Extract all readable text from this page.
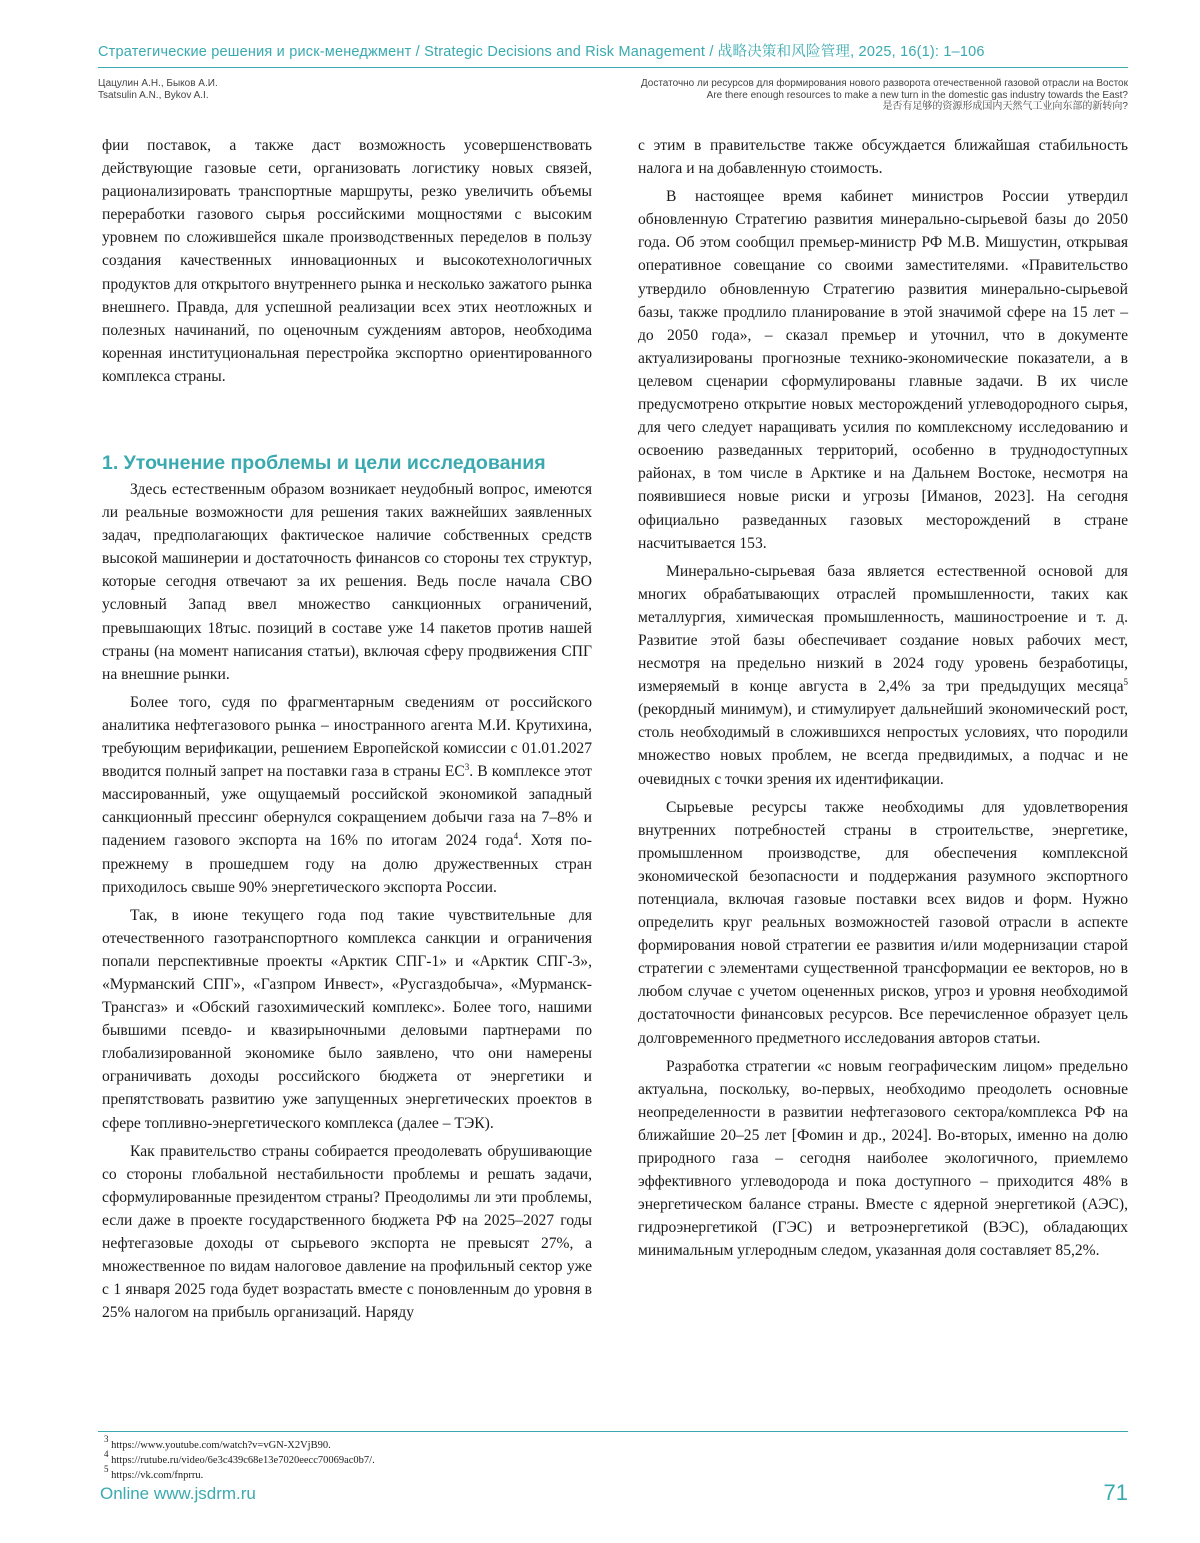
Стратегические решения и риск-менеджмент / Strategic Decisions and Risk Management / 战略决策和风险管理, 2025, 16(1): 1–106
Цацулин А.Н., Быков А.И.
Tsatsulin A.N., Bykov A.I.
Достаточно ли ресурсов для формирования нового разворота отечественной газовой отрасли на Восток
Are there enough resources to make a new turn in the domestic gas industry towards the East?
是否有足够的资源形成国内天然气工业向东部的新转向?

фии поставок, а также даст возможность усовершенствовать действующие газовые сети, организовать логистику новых связей, рационализировать транспортные маршруты, резко увеличить объемы переработки газового сырья российскими мощностями с высоким уровнем по сложившейся шкале производственных переделов в пользу создания качественных инновационных и высокотехнологичных продуктов для открытого внутреннего рынка и несколько зажатого рынка внешнего. Правда, для успешной реализации всех этих неотложных и полезных начинаний, по оценочным суждениям авторов, необходима коренная институциональная перестройка экспортно ориентированного комплекса страны.

1. Уточнение проблемы и цели исследования

Здесь естественным образом возникает неудобный вопрос, имеются ли реальные возможности для решения таких важнейших заявленных задач, предполагающих фактическое наличие собственных средств высокой машинерии и достаточность финансов со стороны тех структур, которые сегодня отвечают за их решения. Ведь после начала СВО условный Запад ввел множество санкционных ограничений, превышающих 18тыс. позиций в составе уже 14 пакетов против нашей страны (на момент написания статьи), включая сферу продвижения СПГ на внешние рынки.

Более того, судя по фрагментарным сведениям от российского аналитика нефтегазового рынка – иностранного агента М.И. Крутихина, требующим верификации, решением Европейской комиссии с 01.01.2027 вводится полный запрет на поставки газа в страны $ЕС^3$. В комплексе этот массированный, уже ощущаемый российской экономикой западный санкционный прессинг обернулся сокращением добычи газа на 7–8% и падением газового экспорта на 16% по итогам 2024 года$^4$. Хотя по-прежнему в прошедшем году на долю дружественных стран приходилось свыше 90% энергетического экспорта России.

Так, в июне текущего года под такие чувствительные для отечественного газотранспортного комплекса санкции и ограничения попали перспективные проекты «Арктик СПГ-1» и «Арктик СПГ-3», «Мурманский СПГ», «Газпром Инвест», «Русгаздобыча», «Мурманск-Трансгаз» и «Обский газохимический комплекс». Более того, нашими бывшими псевдо- и квазирыночными деловыми партнерами по глобализированной экономике было заявлено, что они намерены ограничивать доходы российского бюджета от энергетики и препятствовать развитию уже запущенных энергетических проектов в сфере топливно-энергетического комплекса (далее – ТЭК).

Как правительство страны собирается преодолевать обрушивающие со стороны глобальной нестабильности проблемы и решать задачи, сформулированные президентом страны? Преодолимы ли эти проблемы, если даже в проекте государственного бюджета РФ на 2025–2027 годы нефтегазовые доходы от сырьевого экспорта не превысят 27%, а множественное по видам налоговое давление на профильный сектор уже с 1 января 2025 года будет возрастать вместе с поновленным до уровня в 25% налогом на прибыль организаций. Наряду

с этим в правительстве также обсуждается ближайшая стабильность налога и на добавленную стоимость.

В настоящее время кабинет министров России утвердил обновленную Стратегию развития минерально-сырьевой базы до 2050 года. Об этом сообщил премьер-министр РФ М.В. Мишустин, открывая оперативное совещание со своими заместителями. «Правительство утвердило обновленную Стратегию развития минерально-сырьевой базы, также продлило планирование в этой значимой сфере на 15 лет – до 2050 года», – сказал премьер и уточнил, что в документе актуализированы прогнозные технико-экономические показатели, а в целевом сценарии сформулированы главные задачи. В их числе предусмотрено открытие новых месторождений углеводородного сырья, для чего следует наращивать усилия по комплексному исследованию и освоению разведанных территорий, особенно в труднодоступных районах, в том числе в Арктике и на Дальнем Востоке, несмотря на появившиеся новые риски и угрозы [Иманов, 2023]. На сегодня официально разведанных газовых месторождений в стране насчитывается 153.

Минерально-сырьевая база является естественной основой для многих обрабатывающих отраслей промышленности, таких как металлургия, химическая промышленность, машиностроение и т. д. Развитие этой базы обеспечивает создание новых рабочих мест, несмотря на предельно низкий в 2024 году уровень безработицы, измеряемый в конце августа в 2,4% за три предыдущих месяца$^5$ (рекордный минимум), и стимулирует дальнейший экономический рост, столь необходимый в сложившихся непростых условиях, что породили множество новых проблем, не всегда предвидимых, а подчас и не очевидных с точки зрения их идентификации.

Сырьевые ресурсы также необходимы для удовлетворения внутренних потребностей страны в строительстве, энергетике, промышленном производстве, для обеспечения комплексной экономической безопасности и поддержания разумного экспортного потенциала, включая газовые поставки всех видов и форм. Нужно определить круг реальных возможностей газовой отрасли в аспекте формирования новой стратегии ее развития и/или модернизации старой стратегии с элементами существенной трансформации ее векторов, но в любом случае с учетом оцененных рисков, угроз и уровня необходимой достаточности финансовых ресурсов. Все перечисленное образует цель долговременного предметного исследования авторов статьи.

Разработка стратегии «с новым географическим лицом» предельно актуальна, поскольку, во-первых, необходимо преодолеть основные неопределенности в развитии нефтегазового сектора/комплекса РФ на ближайшие 20–25 лет [Фомин и др., 2024]. Во-вторых, именно на долю природного газа – сегодня наиболее экологичного, приемлемо эффективного углеводорода и пока доступного – приходится 48% в энергетическом балансе страны. Вместе с ядерной энергетикой (АЭС), гидроэнергетикой (ГЭС) и ветроэнергетикой (ВЭС), обладающих минимальным углеродным следом, указанная доля составляет 85,2%.

$^3$ https://www.youtube.com/watch?v=vGN-X2VjB90.
$^4$ https://rutube.ru/video/6e3c439c68e13e7020eecc70069ac0b7/.
$^5$ https://vk.com/fnprru.
Online www.jsdrm.ru	71
